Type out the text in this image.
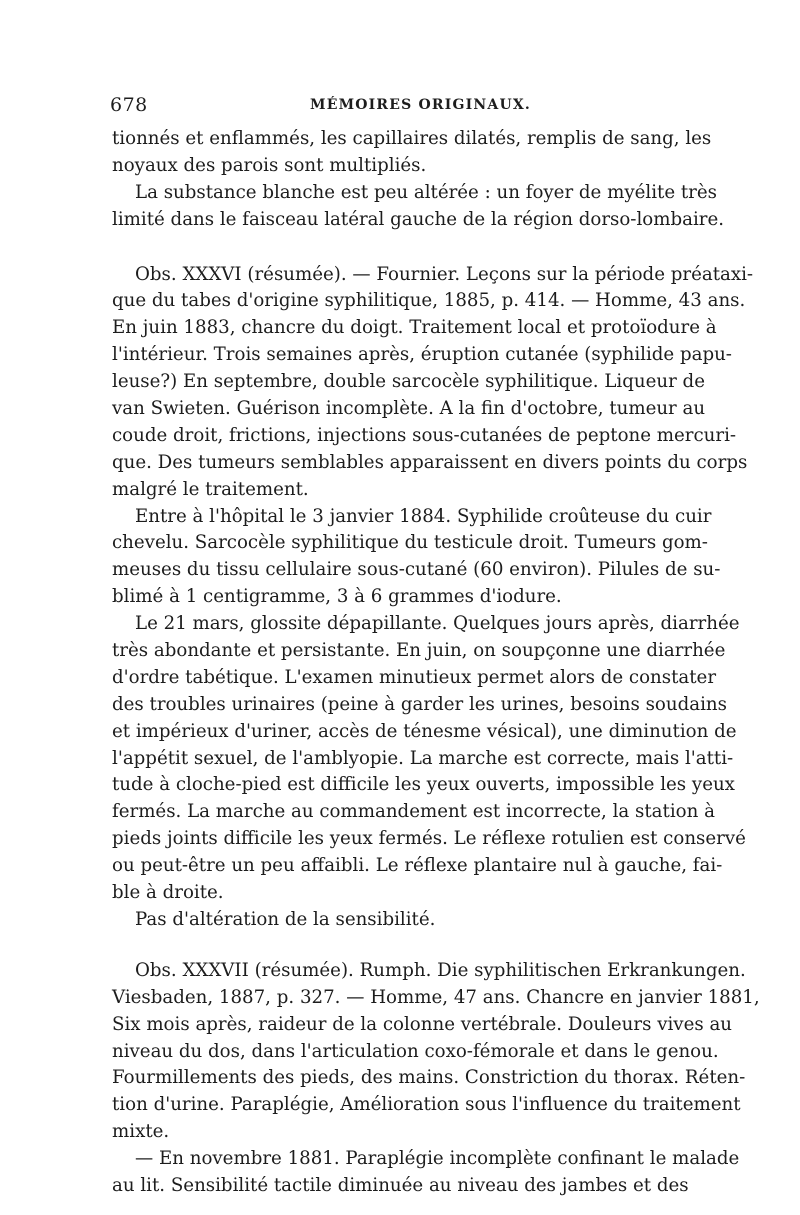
678	MÉMOIRES ORIGINAUX.
tionnés et enflammés, les capillaires dilatés, remplis de sang, les
noyaux des parois sont multipliés.
La substance blanche est peu altérée : un foyer de myélite très
limité dans le faisceau latéral gauche de la région dorso-lombaire.
Obs. XXXVI (résumée). — Fournier. Leçons sur la période préataxi-
que du tabes d'origine syphilitique, 1885, p. 414. — Homme, 43 ans.
En juin 1883, chancre du doigt. Traitement local et protoïodure à
l'intérieur. Trois semaines après, éruption cutanée (syphilide papu-
leuse?) En septembre, double sarcocèle syphilitique. Liqueur de
van Swieten. Guérison incomplète. A la fin d'octobre, tumeur au
coude droit, frictions, injections sous-cutanées de peptone mercuri-
que. Des tumeurs semblables apparaissent en divers points du corps
malgré le traitement.
Entre à l'hôpital le 3 janvier 1884. Syphilide croûteuse du cuir
chevelu. Sarcocèle syphilitique du testicule droit. Tumeurs gom-
meuses du tissu cellulaire sous-cutané (60 environ). Pilules de su-
blimé à 1 centigramme, 3 à 6 grammes d'iodure.
Le 21 mars, glossite dépapillante. Quelques jours après, diarrhée
très abondante et persistante. En juin, on soupçonne une diarrhée
d'ordre tabétique. L'examen minutieux permet alors de constater
des troubles urinaires (peine à garder les urines, besoins soudains
et impérieux d'uriner, accès de ténesme vésical), une diminution de
l'appétit sexuel, de l'amblyopie. La marche est correcte, mais l'atti-
tude à cloche-pied est difficile les yeux ouverts, impossible les yeux
fermés. La marche au commandement est incorrecte, la station à
pieds joints difficile les yeux fermés. Le réflexe rotulien est conservé
ou peut-être un peu affaibli. Le réflexe plantaire nul à gauche, fai-
ble à droite.
Pas d'altération de la sensibilité.
Obs. XXXVII (résumée). Rumph. Die syphilitischen Erkrankungen.
Viesbaden, 1887, p. 327. — Homme, 47 ans. Chancre en janvier 1881,
Six mois après, raideur de la colonne vertébrale. Douleurs vives au
niveau du dos, dans l'articulation coxo-fémorale et dans le genou.
Fourmillements des pieds, des mains. Constriction du thorax. Réten-
tion d'urine. Paraplégie, Amélioration sous l'influence du traitement
mixte.
— En novembre 1881. Paraplégie incomplète confinant le malade
au lit. Sensibilité tactile diminuée au niveau des jambes et des
